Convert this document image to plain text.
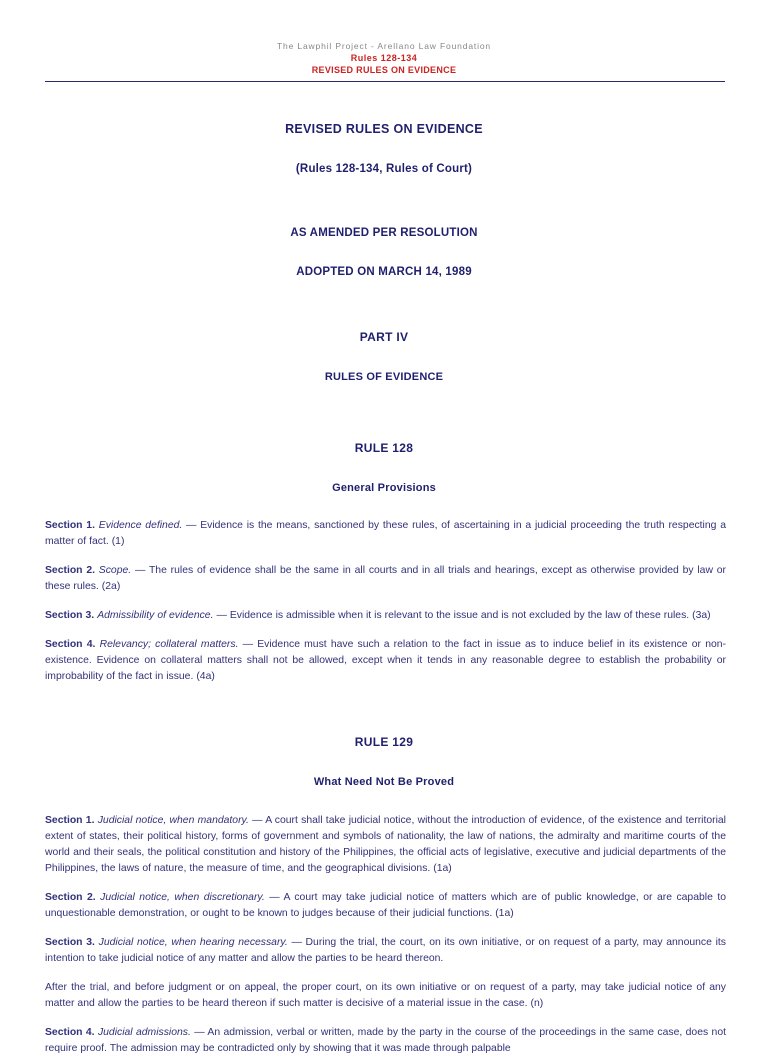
The Lawphil Project - Arellano Law Foundation
Rules 128-134
REVISED RULES ON EVIDENCE
REVISED RULES ON EVIDENCE
(Rules 128-134, Rules of Court)
AS AMENDED PER RESOLUTION
ADOPTED ON MARCH 14, 1989
PART IV
RULES OF EVIDENCE
RULE 128
General Provisions

Section 1. Evidence defined. — Evidence is the means, sanctioned by these rules, of ascertaining in a judicial proceeding the truth respecting a matter of fact. (1)

Section 2. Scope. — The rules of evidence shall be the same in all courts and in all trials and hearings, except as otherwise provided by law or these rules. (2a)

Section 3. Admissibility of evidence. — Evidence is admissible when it is relevant to the issue and is not excluded by the law of these rules. (3a)

Section 4. Relevancy; collateral matters. — Evidence must have such a relation to the fact in issue as to induce belief in its existence or non-existence. Evidence on collateral matters shall not be allowed, except when it tends in any reasonable degree to establish the probability or improbability of the fact in issue. (4a)

RULE 129
What Need Not Be Proved

Section 1. Judicial notice, when mandatory. — A court shall take judicial notice, without the introduction of evidence, of the existence and territorial extent of states, their political history, forms of government and symbols of nationality, the law of nations, the admiralty and maritime courts of the world and their seals, the political constitution and history of the Philippines, the official acts of legislative, executive and judicial departments of the Philippines, the laws of nature, the measure of time, and the geographical divisions. (1a)

Section 2. Judicial notice, when discretionary. — A court may take judicial notice of matters which are of public knowledge, or are capable to unquestionable demonstration, or ought to be known to judges because of their judicial functions. (1a)

Section 3. Judicial notice, when hearing necessary. — During the trial, the court, on its own initiative, or on request of a party, may announce its intention to take judicial notice of any matter and allow the parties to be heard thereon.

After the trial, and before judgment or on appeal, the proper court, on its own initiative or on request of a party, may take judicial notice of any matter and allow the parties to be heard thereon if such matter is decisive of a material issue in the case. (n)

Section 4. Judicial admissions. — An admission, verbal or written, made by the party in the course of the proceedings in the same case, does not require proof. The admission may be contradicted only by showing that it was made through palpable
